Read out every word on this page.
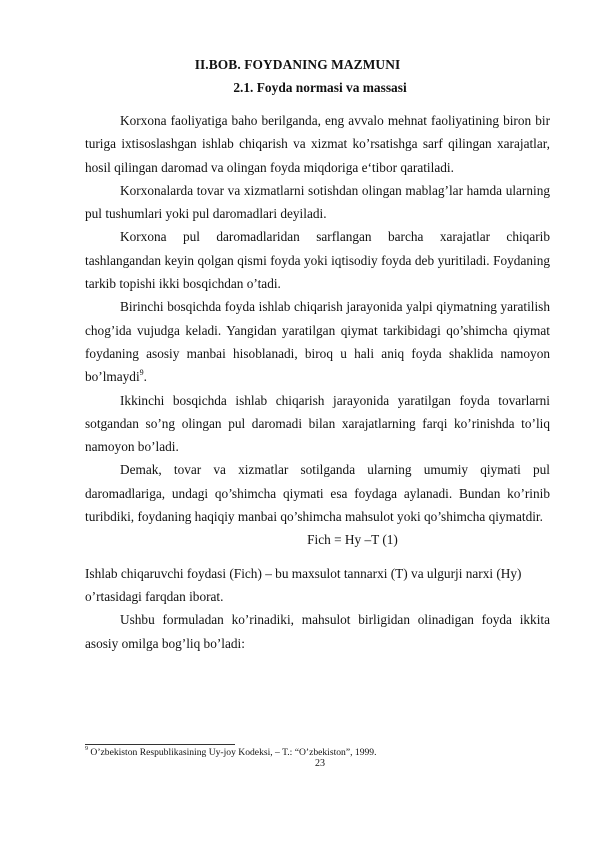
II.BOB. FOYDANING MAZMUNI
2.1. Foyda normasi va massasi

Korxona faoliyatiga baho berilganda, eng avvalo mehnat faoliyatining biron bir turiga ixtisoslashgan ishlab chiqarish va xizmat ko’rsatishga sarf qilingan xarajatlar, hosil qilingan daromad va olingan foyda miqdoriga e‘tibor qaratiladi.

Korxonalarda tovar va xizmatlarni sotishdan olingan mablag’lar hamda ularning pul tushumlari yoki pul daromadlari deyiladi.

Korxona pul daromadlaridan sarflangan barcha xarajatlar chiqarib tashlangandan keyin qolgan qismi foyda yoki iqtisodiy foyda deb yuritiladi. Foydaning tarkib topishi ikki bosqichdan o’tadi.

Birinchi bosqichda foyda ishlab chiqarish jarayonida yalpi qiymatning yaratilish chog’ida vujudga keladi. Yangidan yaratilgan qiymat tarkibidagi qo’shimcha qiymat foydaning asosiy manbai hisoblanadi, biroq u hali aniq foyda shaklida namoyon bo’lmaydi$^9$.

Ikkinchi bosqichda ishlab chiqarish jarayonida yaratilgan foyda tovarlarni sotgandan so’ng olingan pul daromadi bilan xarajatlarning farqi ko’rinishda to’liq namoyon bo’ladi.

Demak, tovar va xizmatlar sotilganda ularning umumiy qiymati pul daromadlariga, undagi qo’shimcha qiymati esa foydaga aylanadi. Bundan ko’rinib turibdiki, foydaning haqiqiy manbai qo’shimcha mahsulot yoki qo’shimcha qiymatdir.

Fich = Hy –T (1)

Ishlab chiqaruvchi foydasi (Fich) – bu maxsulot tannarxi (T) va ulgurji narxi (Hy) o’rtasidagi farqdan iborat.

Ushbu formuladan ko’rinadiki, mahsulot birligidan olinadigan foyda ikkita asosiy omilga bog’liq bo’ladi:

$^9$ O’zbekiston Respublikasining Uy-joy Kodeksi, – T.: “O’zbekiston”, 1999.
23
